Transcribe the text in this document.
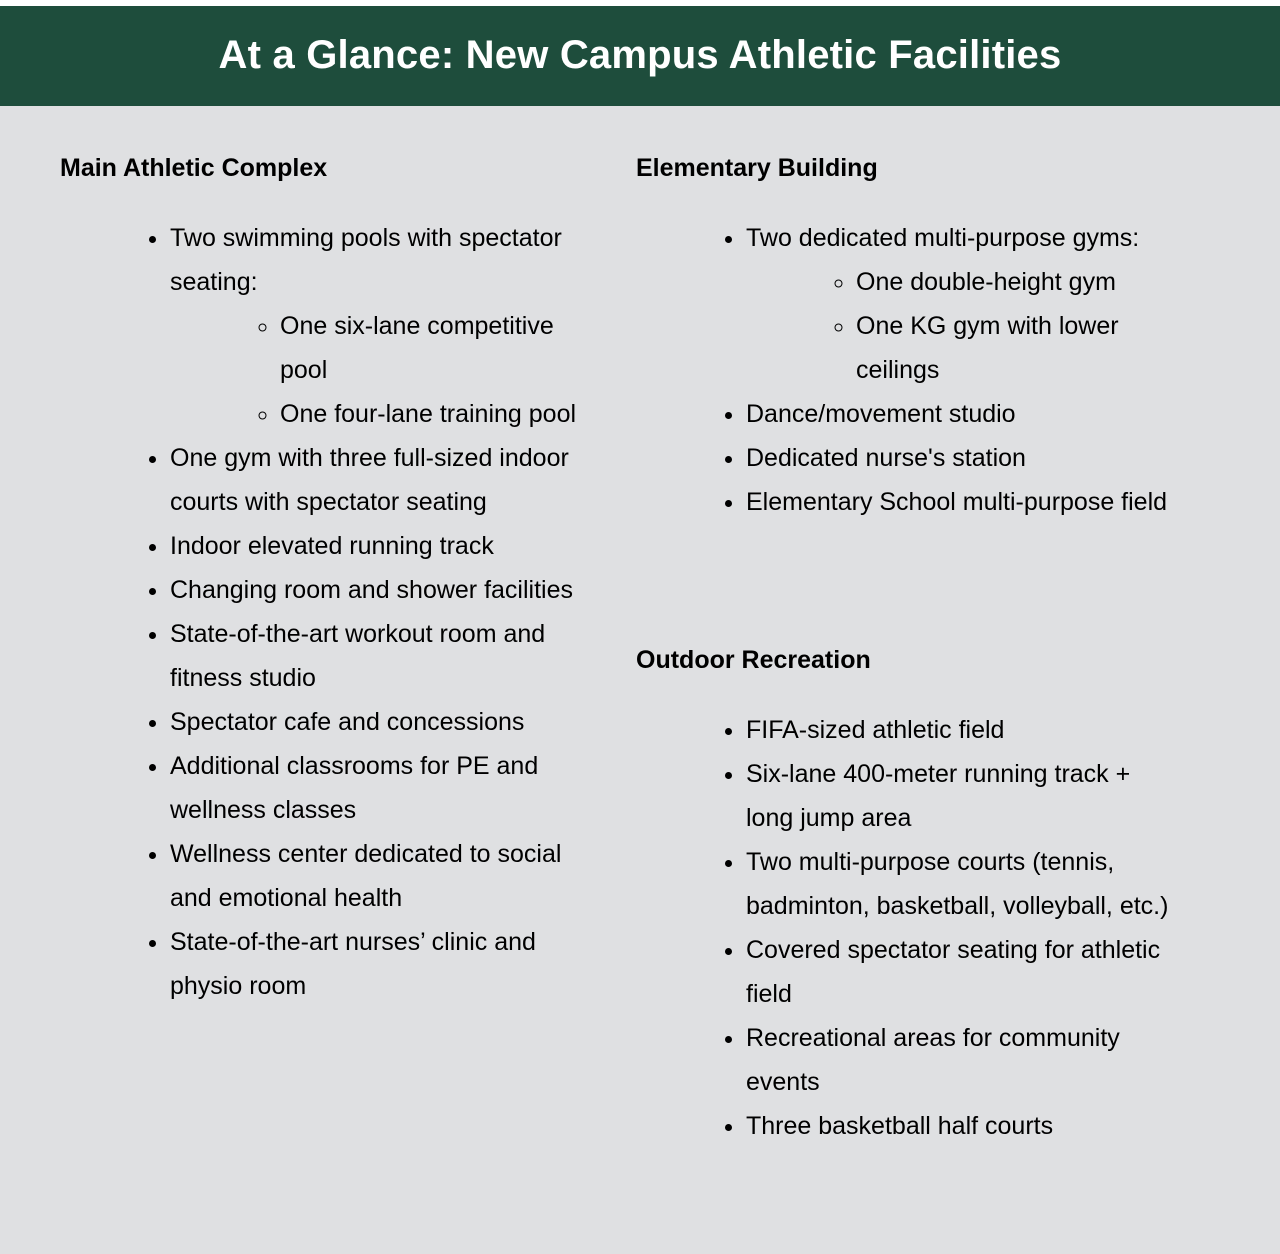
At a Glance: New Campus Athletic Facilities
Main Athletic Complex
• Two swimming pools with spectator seating:
◦ One six-lane competitive pool
◦ One four-lane training pool
• One gym with three full-sized indoor courts with spectator seating
• Indoor elevated running track
• Changing room and shower facilities
• State-of-the-art workout room and fitness studio
• Spectator cafe and concessions
• Additional classrooms for PE and wellness classes
• Wellness center dedicated to social and emotional health
• State-of-the-art nurses’ clinic and physio room
Elementary Building
• Two dedicated multi-purpose gyms:
◦ One double-height gym
◦ One KG gym with lower ceilings
• Dance/movement studio
• Dedicated nurse's station
• Elementary School multi-purpose field
Outdoor Recreation
• FIFA-sized athletic field
• Six-lane 400-meter running track + long jump area
• Two multi-purpose courts (tennis, badminton, basketball, volleyball, etc.)
• Covered spectator seating for athletic field
• Recreational areas for community events
• Three basketball half courts
